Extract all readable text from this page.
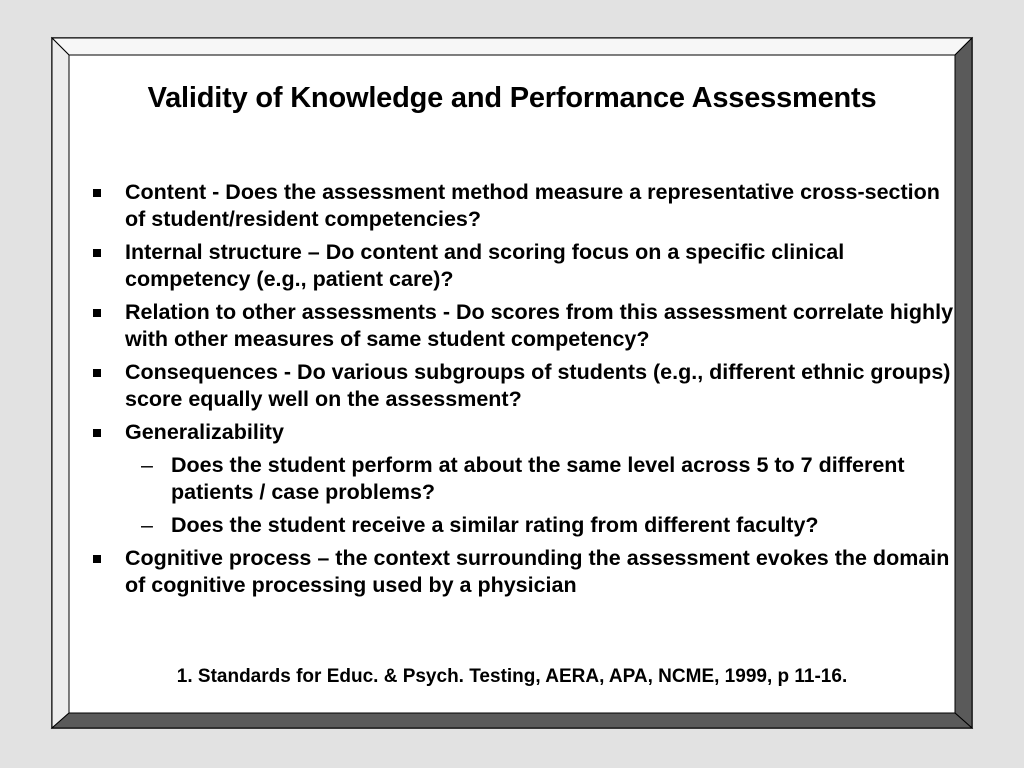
Validity of Knowledge and Performance Assessments
Content - Does the assessment method measure a representative cross-section of student/resident competencies?
Internal structure – Do content and scoring focus on a specific clinical competency (e.g., patient care)?
Relation to other assessments - Do scores from this assessment correlate highly with other measures of same student competency?
Consequences - Do various subgroups of students (e.g., different ethnic groups) score equally well on the assessment?
Generalizability
– Does the student perform at about the same level across 5 to 7 different patients / case problems?
– Does the student receive a similar rating from different faculty?
Cognitive process – the context surrounding the assessment evokes the domain of cognitive processing used by a physician
1. Standards for Educ. & Psych. Testing, AERA, APA, NCME, 1999, p 11-16.
